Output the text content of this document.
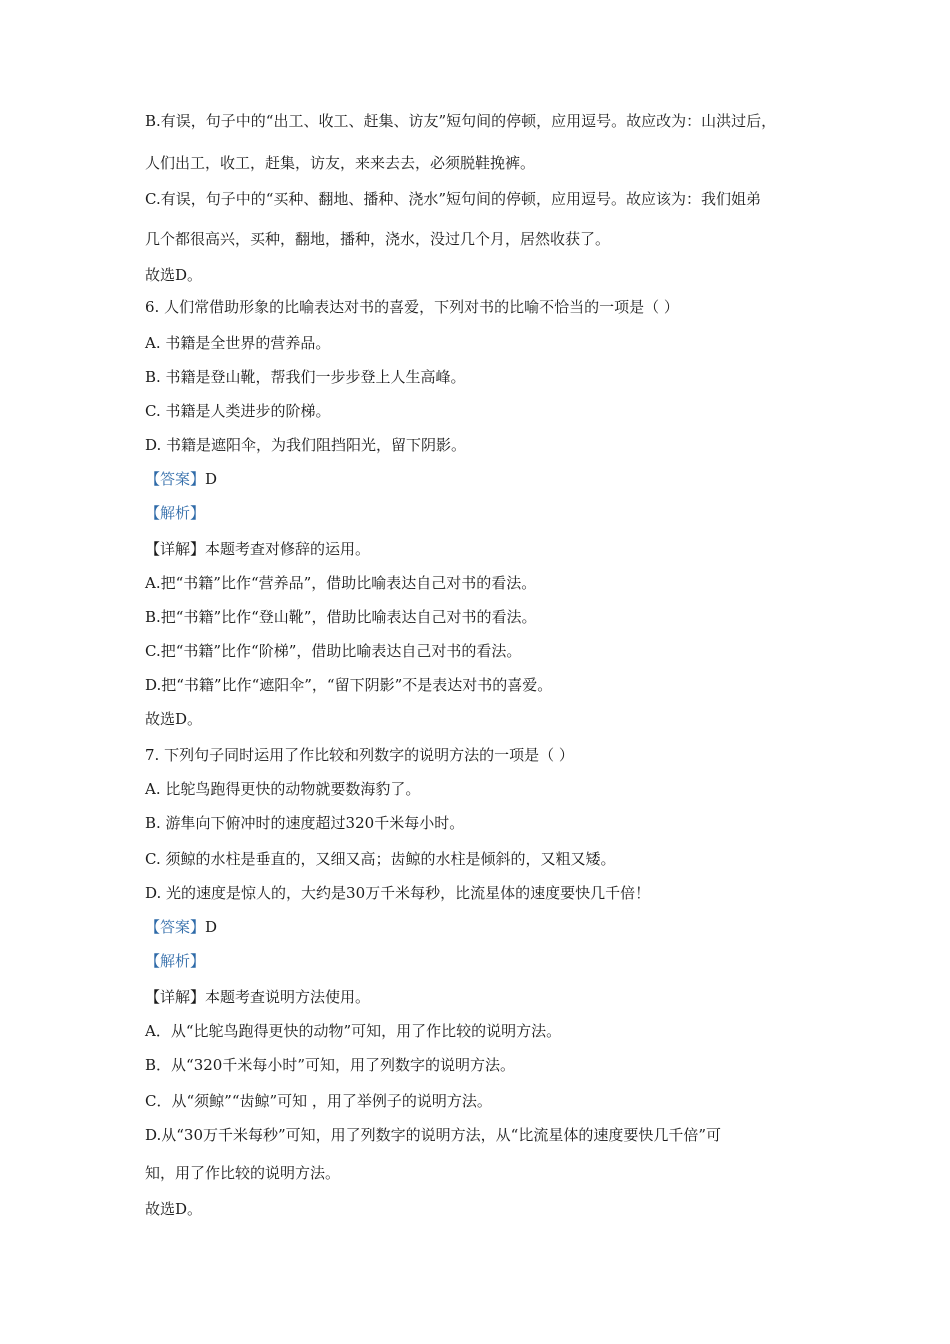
B.有误，句子中的“出工、收工、赶集、访友”短句间的停顿，应用逗号。故应改为：山洪过后，
人们出工，收工，赶集，访友，来来去去，必须脱鞋挽裤。
C.有误，句子中的“买种、翻地、播种、浇水”短句间的停顿，应用逗号。故应该为：我们姐弟
几个都很高兴，买种，翻地，播种，浇水，没过几个月，居然收获了。
故选D。
6. 人们常借助形象的比喻表达对书的喜爱，下列对书的比喻不恰当的一项是（ ）
A. 书籍是全世界的营养品。
B. 书籍是登山靴，帮我们一步步登上人生高峰。
C. 书籍是人类进步的阶梯。
D. 书籍是遮阳伞，为我们阻挡阳光，留下阴影。
【答案】D
【解析】
【详解】本题考查对修辞的运用。
A.把“书籍”比作“营养品”，借助比喻表达自己对书的看法。
B.把“书籍”比作“登山靴”，借助比喻表达自己对书的看法。
C.把“书籍”比作“阶梯”，借助比喻表达自己对书的看法。
D.把“书籍”比作“遮阳伞”，“留下阴影”不是表达对书的喜爱。
故选D。
7. 下列句子同时运用了作比较和列数字的说明方法的一项是（ ）
A. 比鸵鸟跑得更快的动物就要数海豹了。
B. 游隼向下俯冲时的速度超过320千米每小时。
C. 须鲸的水柱是垂直的，又细又高；齿鲸的水柱是倾斜的，又粗又矮。
D. 光的速度是惊人的，大约是30万千米每秒，比流星体的速度要快几千倍！
【答案】D
【解析】
【详解】本题考查说明方法使用。
A．从“比鸵鸟跑得更快的动物”可知，用了作比较的说明方法。
B．从“320千米每小时”可知，用了列数字的说明方法。
C．从“须鲸”“齿鲸”可知 ，用了举例子的说明方法。
D.从“30万千米每秒”可知，用了列数字的说明方法，从“比流星体的速度要快几千倍”可
知，用了作比较的说明方法。
故选D。
